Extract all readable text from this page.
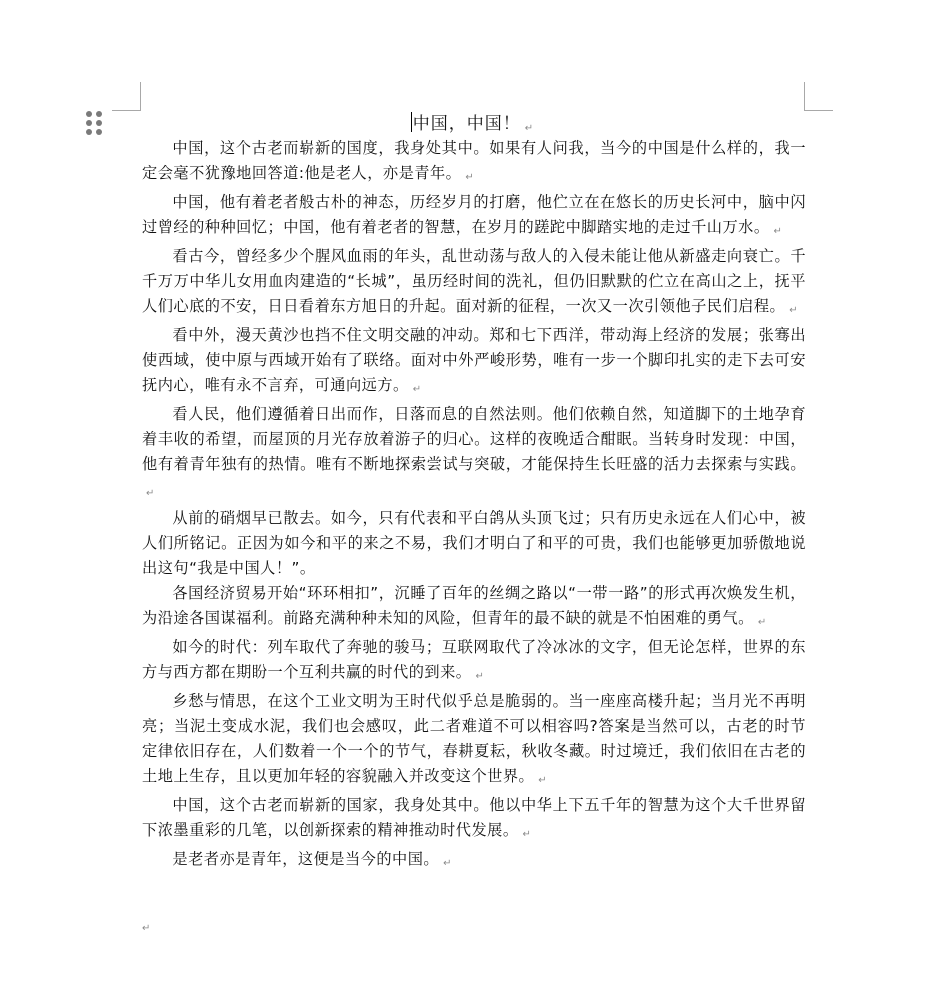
中国，中国！ ↵

中国，这个古老而崭新的国度，我身处其中。如果有人问我，当今的中国是什么样的，我一定会毫不犹豫地回答道:他是老人，亦是青年。 ↵

中国，他有着老者般古朴的神态，历经岁月的打磨，他伫立在在悠长的历史长河中，脑中闪过曾经的种种回忆；中国，他有着老者的智慧，在岁月的蹉跎中脚踏实地的走过千山万水。 ↵

看古今，曾经多少个腥风血雨的年头，乱世动荡与敌人的入侵未能让他从新盛走向衰亡。千千万万中华儿女用血肉建造的“长城”，虽历经时间的洗礼，但仍旧默默的伫立在高山之上，抚平人们心底的不安，日日看着东方旭日的升起。面对新的征程，一次又一次引领他子民们启程。 ↵

看中外，漫天黄沙也挡不住文明交融的冲动。郑和七下西洋，带动海上经济的发展；张骞出使西域，使中原与西域开始有了联络。面对中外严峻形势，唯有一步一个脚印扎实的走下去可安抚内心，唯有永不言弃，可通向远方。 ↵

看人民，他们遵循着日出而作，日落而息的自然法则。他们依赖自然，知道脚下的土地孕育着丰收的希望，而屋顶的月光存放着游子的归心。这样的夜晚适合酣眠。当转身时发现：中国，他有着青年独有的热情。唯有不断地探索尝试与突破，才能保持生长旺盛的活力去探索与实践。↵

从前的硝烟早已散去。如今，只有代表和平白鸽从头顶飞过；只有历史永远在人们心中，被人们所铭记。正因为如今和平的来之不易，我们才明白了和平的可贵，我们也能够更加骄傲地说出这句“我是中国人！”。

各国经济贸易开始“环环相扣”，沉睡了百年的丝绸之路以“一带一路”的形式再次焕发生机，为沿途各国谋福利。前路充满种种未知的风险，但青年的最不缺的就是不怕困难的勇气。 ↵

如今的时代：列车取代了奔驰的骏马；互联网取代了冷冰冰的文字，但无论怎样，世界的东方与西方都在期盼一个互利共赢的时代的到来。 ↵

乡愁与情思，在这个工业文明为王时代似乎总是脆弱的。当一座座高楼升起；当月光不再明亮；当泥土变成水泥，我们也会感叹，此二者难道不可以相容吗?答案是当然可以，古老的时节定律依旧存在，人们数着一个一个的节气，春耕夏耘，秋收冬藏。时过境迁，我们依旧在古老的土地上生存，且以更加年轻的容貌融入并改变这个世界。 ↵

中国，这个古老而崭新的国家，我身处其中。他以中华上下五千年的智慧为这个大千世界留下浓墨重彩的几笔，以创新探索的精神推动时代发展。 ↵

是老者亦是青年，这便是当今的中国。 ↵

↵
